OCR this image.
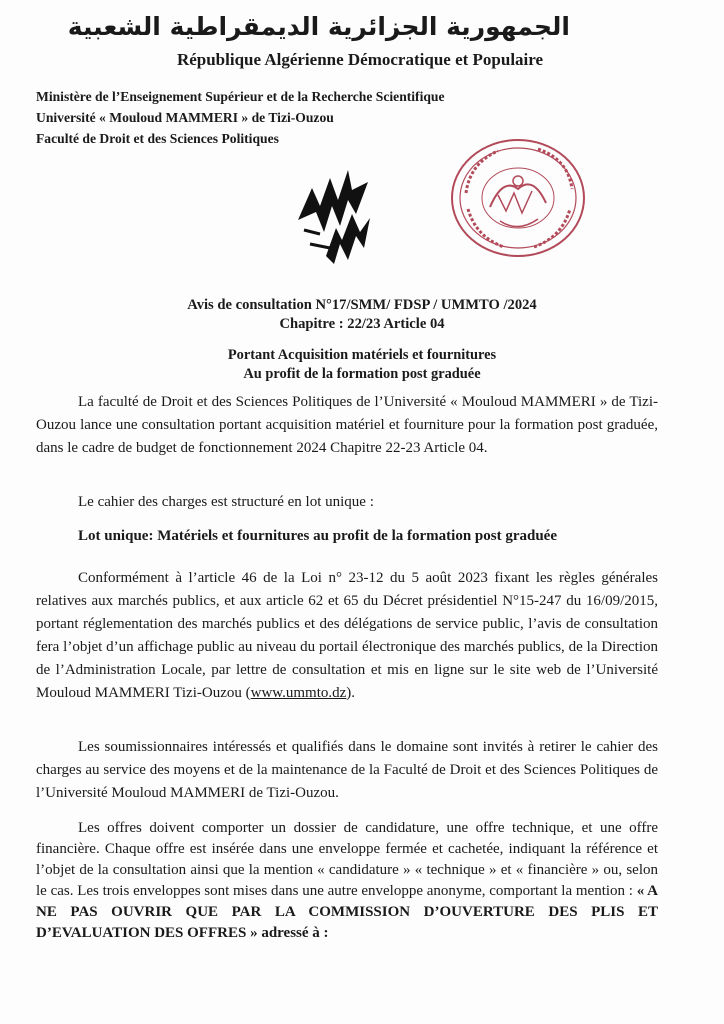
الجمهورية الجزائرية الديمقراطية الشعبية
République Algérienne Démocratique et Populaire
Ministère de l’Enseignement Supérieur et de la Recherche Scientifique
Université « Mouloud MAMMERI » de Tizi-Ouzou
Faculté de Droit et des Sciences Politiques
Avis de consultation N°17/SMM/ FDSP / UMMTO /2024
Chapitre : 22/23 Article 04
Portant Acquisition matériels et fournitures
Au profit de la formation post graduée
La faculté de Droit et des Sciences Politiques de l’Université « Mouloud MAMMERI » de Tizi-Ouzou lance une consultation portant acquisition matériel et fourniture pour la formation post graduée, dans le cadre de budget de fonctionnement 2024 Chapitre 22-23 Article 04.
Le cahier des charges est structuré en lot unique :
Lot unique: Matériels et fournitures au profit de la formation post graduée
Conformément à l’article 46 de la Loi n° 23-12 du 5 août 2023 fixant les règles générales relatives aux marchés publics, et aux article 62 et 65 du Décret présidentiel N°15-247 du 16/09/2015, portant réglementation des marchés publics et des délégations de service public, l’avis de consultation fera l’objet d’un affichage public au niveau du portail électronique des marchés publics, de la Direction de l’Administration Locale, par lettre de consultation et mis en ligne sur le site web de l’Université Mouloud MAMMERI Tizi-Ouzou (www.ummto.dz).
Les soumissionnaires intéressés et qualifiés dans le domaine sont invités à retirer le cahier des charges au service des moyens et de la maintenance de la Faculté de Droit et des Sciences Politiques de l’Université Mouloud MAMMERI de Tizi-Ouzou.
Les offres doivent comporter un dossier de candidature, une offre technique, et une offre financière. Chaque offre est insérée dans une enveloppe fermée et cachetée, indiquant la référence et l’objet de la consultation ainsi que la mention « candidature » « technique » et « financière » ou, selon le cas. Les trois enveloppes sont mises dans une autre enveloppe anonyme, comportant la mention : « A NE PAS OUVRIR QUE PAR LA COMMISSION D’OUVERTURE DES PLIS ET D’EVALUATION DES OFFRES » adressé à :
